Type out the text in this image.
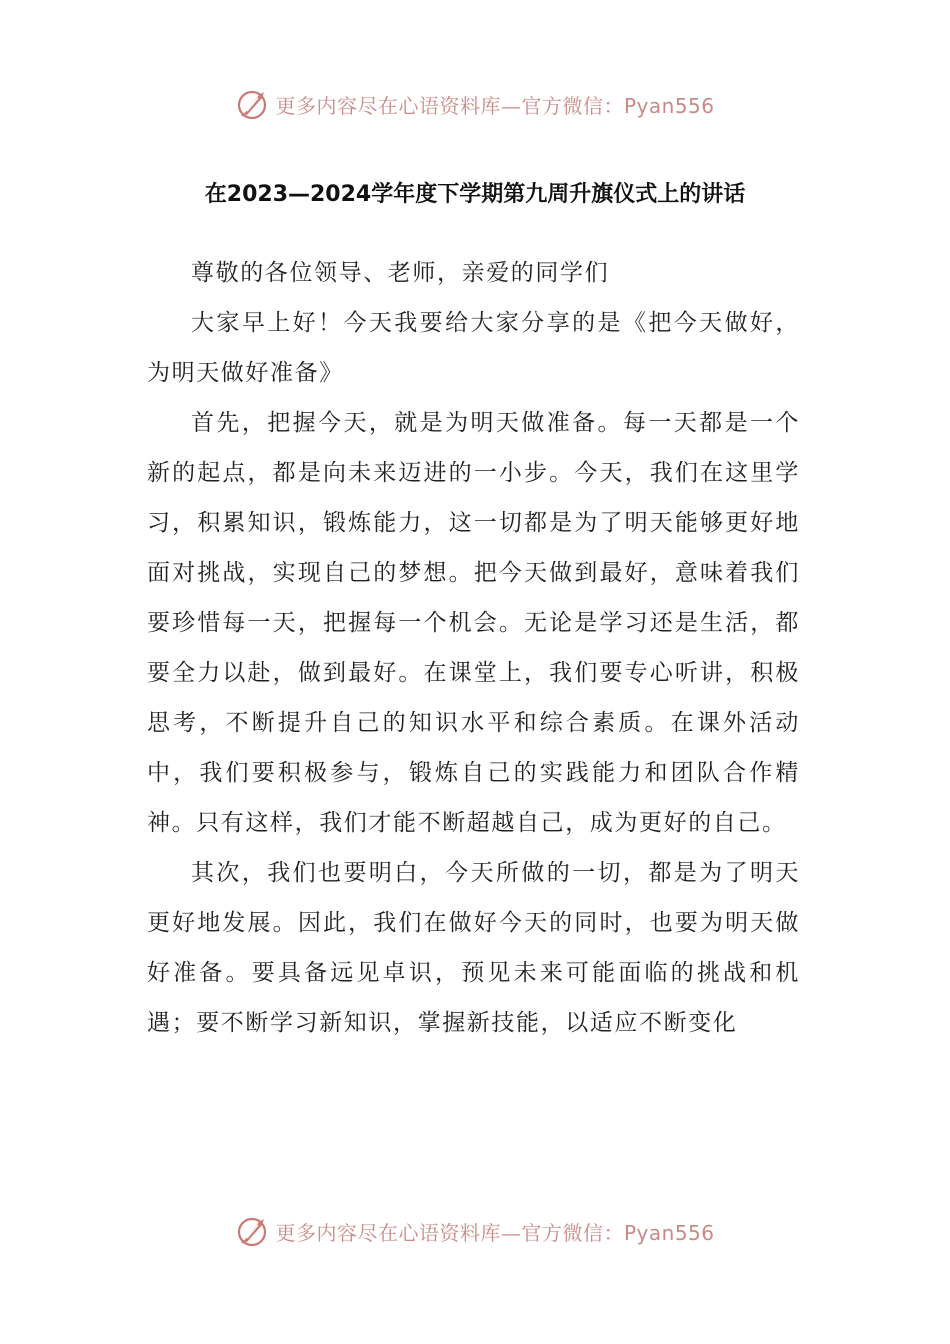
更多内容尽在心语资料库—官方微信：Pyan556
在2023—2024学年度下学期第九周升旗仪式上的讲话

尊敬的各位领导、老师，亲爱的同学们

大家早上好！今天我要给大家分享的是《把今天做好，为明天做好准备》

首先，把握今天，就是为明天做准备。每一天都是一个新的起点，都是向未来迈进的一小步。今天，我们在这里学习，积累知识，锻炼能力，这一切都是为了明天能够更好地面对挑战，实现自己的梦想。把今天做到最好，意味着我们要珍惜每一天，把握每一个机会。无论是学习还是生活，都要全力以赴，做到最好。在课堂上，我们要专心听讲，积极思考，不断提升自己的知识水平和综合素质。在课外活动中，我们要积极参与，锻炼自己的实践能力和团队合作精神。只有这样，我们才能不断超越自己，成为更好的自己。

其次，我们也要明白，今天所做的一切，都是为了明天更好地发展。因此，我们在做好今天的同时，也要为明天做好准备。要具备远见卓识，预见未来可能面临的挑战和机遇；要不断学习新知识，掌握新技能，以适应不断变化

更多内容尽在心语资料库—官方微信：Pyan556
